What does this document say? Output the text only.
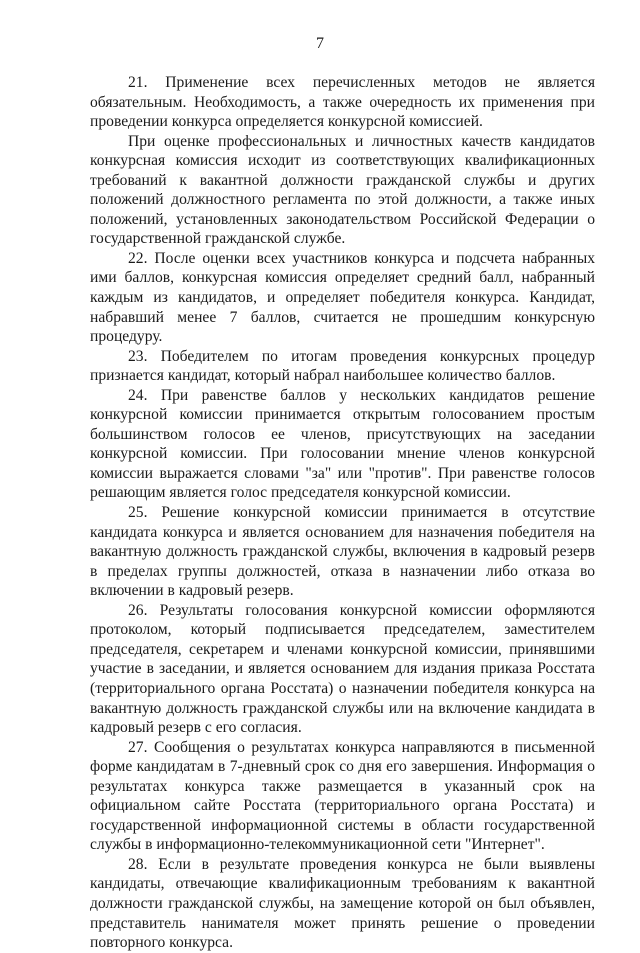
7

21. Применение всех перечисленных методов не является обязательным. Необходимость, а также очередность их применения при проведении конкурса определяется конкурсной комиссией.

При оценке профессиональных и личностных качеств кандидатов конкурсная комиссия исходит из соответствующих квалификационных требований к вакантной должности гражданской службы и других положений должностного регламента по этой должности, а также иных положений, установленных законодательством Российской Федерации о государственной гражданской службе.

22. После оценки всех участников конкурса и подсчета набранных ими баллов, конкурсная комиссия определяет средний балл, набранный каждым из кандидатов, и определяет победителя конкурса. Кандидат, набравший менее 7 баллов, считается не прошедшим конкурсную процедуру.

23. Победителем по итогам проведения конкурсных процедур признается кандидат, который набрал наибольшее количество баллов.

24. При равенстве баллов у нескольких кандидатов решение конкурсной комиссии принимается открытым голосованием простым большинством голосов ее членов, присутствующих на заседании конкурсной комиссии. При голосовании мнение членов конкурсной комиссии выражается словами "за" или "против". При равенстве голосов решающим является голос председателя конкурсной комиссии.

25. Решение конкурсной комиссии принимается в отсутствие кандидата конкурса и является основанием для назначения победителя на вакантную должность гражданской службы, включения в кадровый резерв в пределах группы должностей, отказа в назначении либо отказа во включении в кадровый резерв.

26. Результаты голосования конкурсной комиссии оформляются протоколом, который подписывается председателем, заместителем председателя, секретарем и членами конкурсной комиссии, принявшими участие в заседании, и является основанием для издания приказа Росстата (территориального органа Росстата) о назначении победителя конкурса на вакантную должность гражданской службы или на включение кандидата в кадровый резерв с его согласия.

27. Сообщения о результатах конкурса направляются в письменной форме кандидатам в 7-дневный срок со дня его завершения. Информация о результатах конкурса также размещается в указанный срок на официальном сайте Росстата (территориального органа Росстата) и государственной информационной системы в области государственной службы в информационно-телекоммуникационной сети "Интернет".

28. Если в результате проведения конкурса не были выявлены кандидаты, отвечающие квалификационным требованиям к вакантной должности гражданской службы, на замещение которой он был объявлен, представитель нанимателя может принять решение о проведении повторного конкурса.
